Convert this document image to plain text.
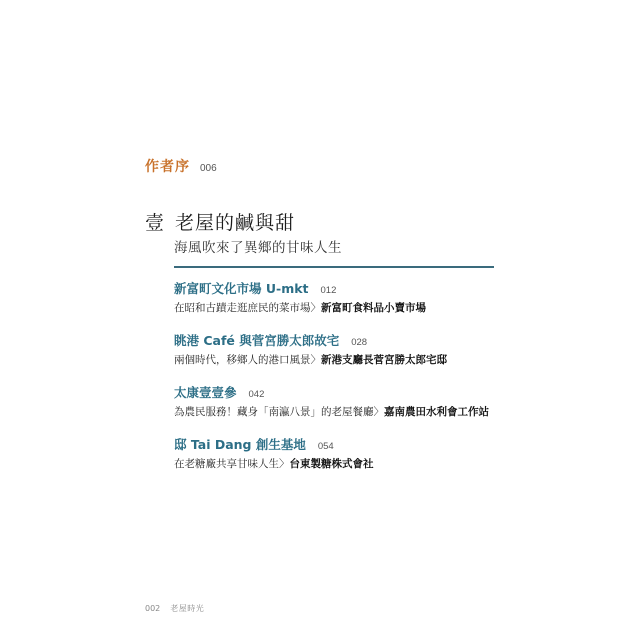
作者序 006
壹 老屋的鹹與甜
海風吹來了異鄉的甘味人生
新富町文化市場 U-mkt 012
在昭和古蹟走逛庶民的菜市場〉新富町食料品小賣市場
眺港 Café 與菅宮勝太郎故宅 028
兩個時代，移鄉人的港口風景〉新港支廳長菅宮勝太郎宅邸
太康壹壹參 042
為農民服務！藏身「南瀛八景」的老屋餐廳〉嘉南農田水利會工作站
邸 Tai Dang 創生基地 054
在老糖廠共享甘味人生〉台東製糖株式會社
002 老屋時光
